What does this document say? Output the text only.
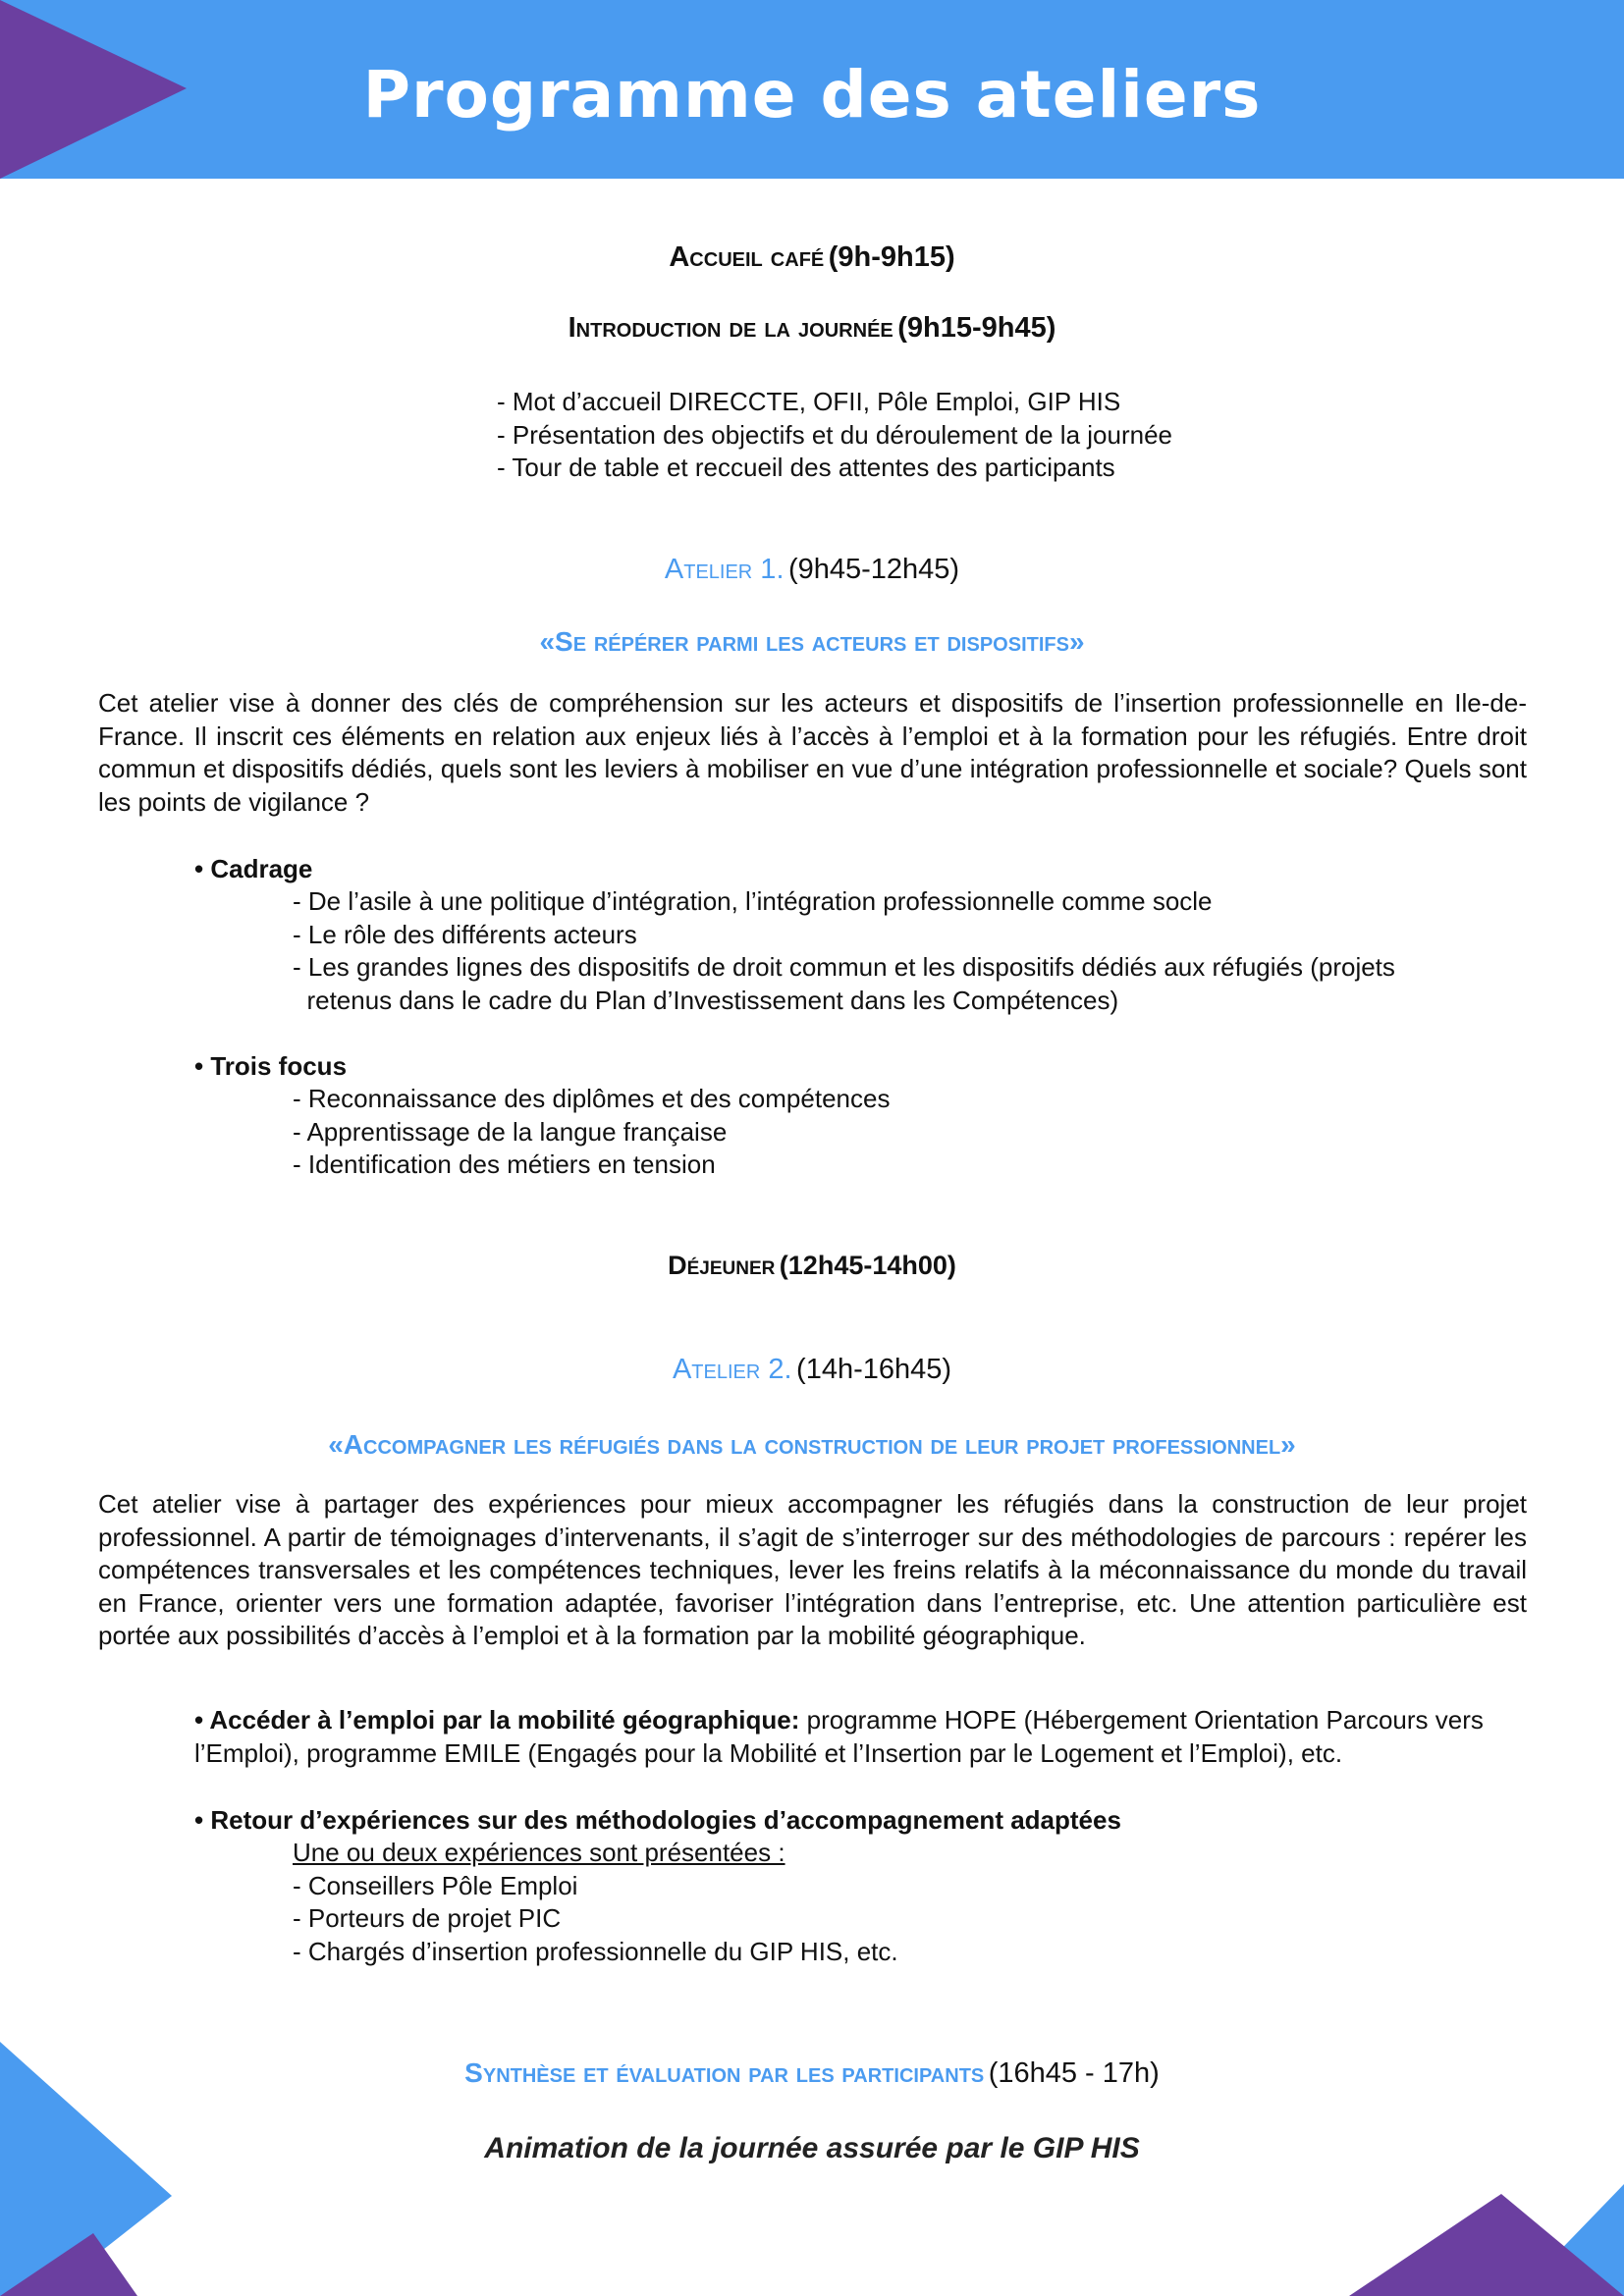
Programme des ateliers
Accueil café (9h-9h15)
Introduction de la journée (9h15-9h45)
- Mot d’accueil DIRECCTE, OFII, Pôle Emploi, GIP HIS
- Présentation des objectifs et du déroulement de la journée
- Tour de table et reccueil des attentes des participants
Atelier 1. (9h45-12h45)
«Se répérer parmi les acteurs et dispositifs»
Cet atelier vise à donner des clés de compréhension sur les acteurs et dispositifs de l’insertion professionnelle en Ile-de-France. Il inscrit ces éléments en relation aux enjeux liés à l’accès à l’emploi et à la formation pour les réfugiés. Entre droit commun et dispositifs dédiés, quels sont les leviers à mobiliser en vue d’une intégration professionnelle et sociale? Quels sont les points de vigilance ?
• Cadrage
- De l’asile à une politique d’intégration, l’intégration professionnelle comme socle
- Le rôle des différents acteurs
- Les grandes lignes des dispositifs de droit commun et les dispositifs dédiés aux réfugiés (projets
retenus dans le cadre du Plan d’Investissement dans les Compétences)
• Trois focus
- Reconnaissance des diplômes et des compétences
- Apprentissage de la langue française
- Identification des métiers en tension
Déjeuner (12h45-14h00)
Atelier 2. (14h-16h45)
«Accompagner les réfugiés dans la construction de leur projet professionnel»
Cet atelier vise à partager des expériences pour mieux accompagner les réfugiés dans la construction de leur projet professionnel. A partir de témoignages d’intervenants, il s’agit de s’interroger sur des méthodologies de parcours : repérer les compétences transversales et les compétences techniques, lever les freins relatifs à la méconnaissance du monde du travail en France, orienter vers une formation adaptée, favoriser l’intégration dans l’entreprise, etc. Une attention particulière est portée aux possibilités d’accès à l’emploi et à la formation par la mobilité géographique.
• Accéder à l’emploi par la mobilité géographique: programme HOPE (Hébergement Orientation Parcours vers l’Emploi), programme EMILE (Engagés pour la Mobilité et l’Insertion par le Logement et l’Emploi), etc.
• Retour d’expériences sur des méthodologies d’accompagnement adaptées
Une ou deux expériences sont présentées :
- Conseillers Pôle Emploi
- Porteurs de projet PIC
- Chargés d’insertion professionnelle du GIP HIS, etc.
Synthèse et évaluation par les participants (16h45 - 17h)
Animation de la journée assurée par le GIP HIS
